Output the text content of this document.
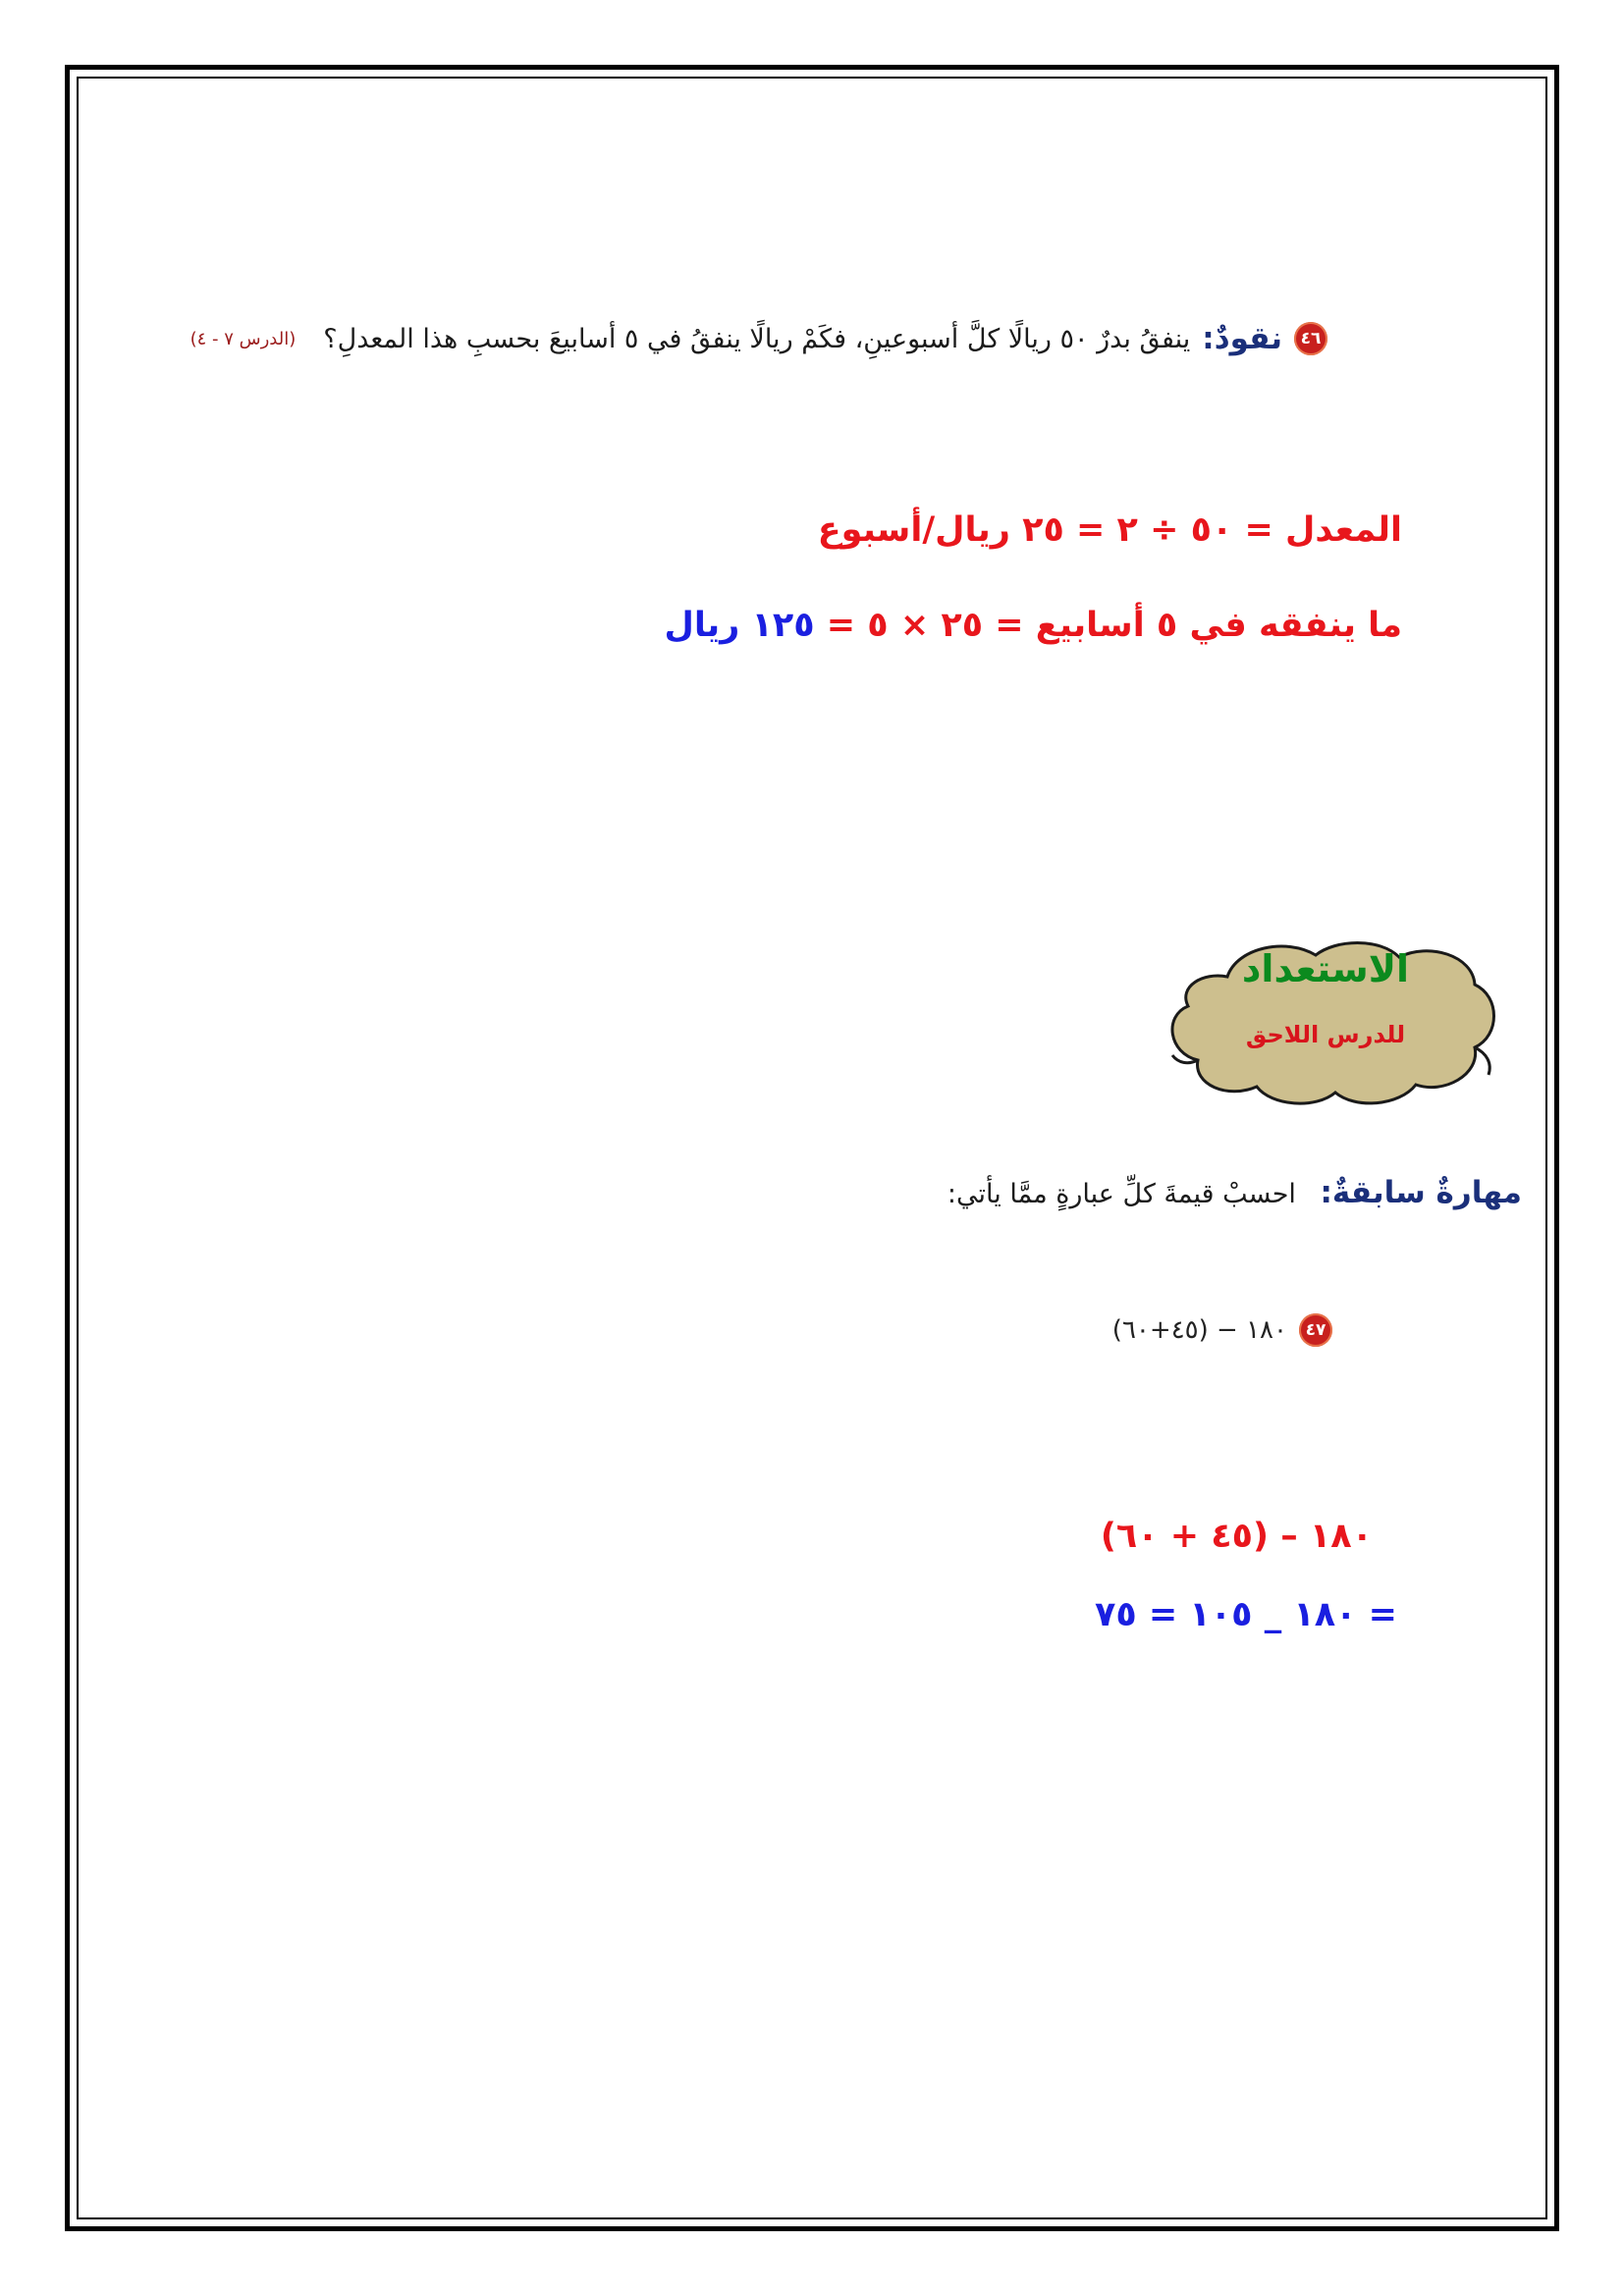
٤٦
نقودٌ:
ينفقُ بدرٌ ٥٠ ريالًا كلَّ أسبوعينِ، فكَمْ ريالًا ينفقُ في ٥ أسابيعَ بحسبِ هذا المعدلِ؟
(الدرس ٧ - ٤)
المعدل = ٥٠ ÷ ٢ = ٢٥ ريال/أسبوع
ما ينفقه في ٥ أسابيع = ٢٥ × ٥ = ١٢٥ ريال
الاستعداد
للدرس اللاحق
مهارةٌ سابقةٌ: احسبْ قيمةَ كلِّ عبارةٍ ممَّا يأتي:
٤٧
١٨٠ − (٤٥+٦٠)
١٨٠ – (٤٥ + ٦٠)
= ١٨٠ _ ١٠٥ = ٧٥
